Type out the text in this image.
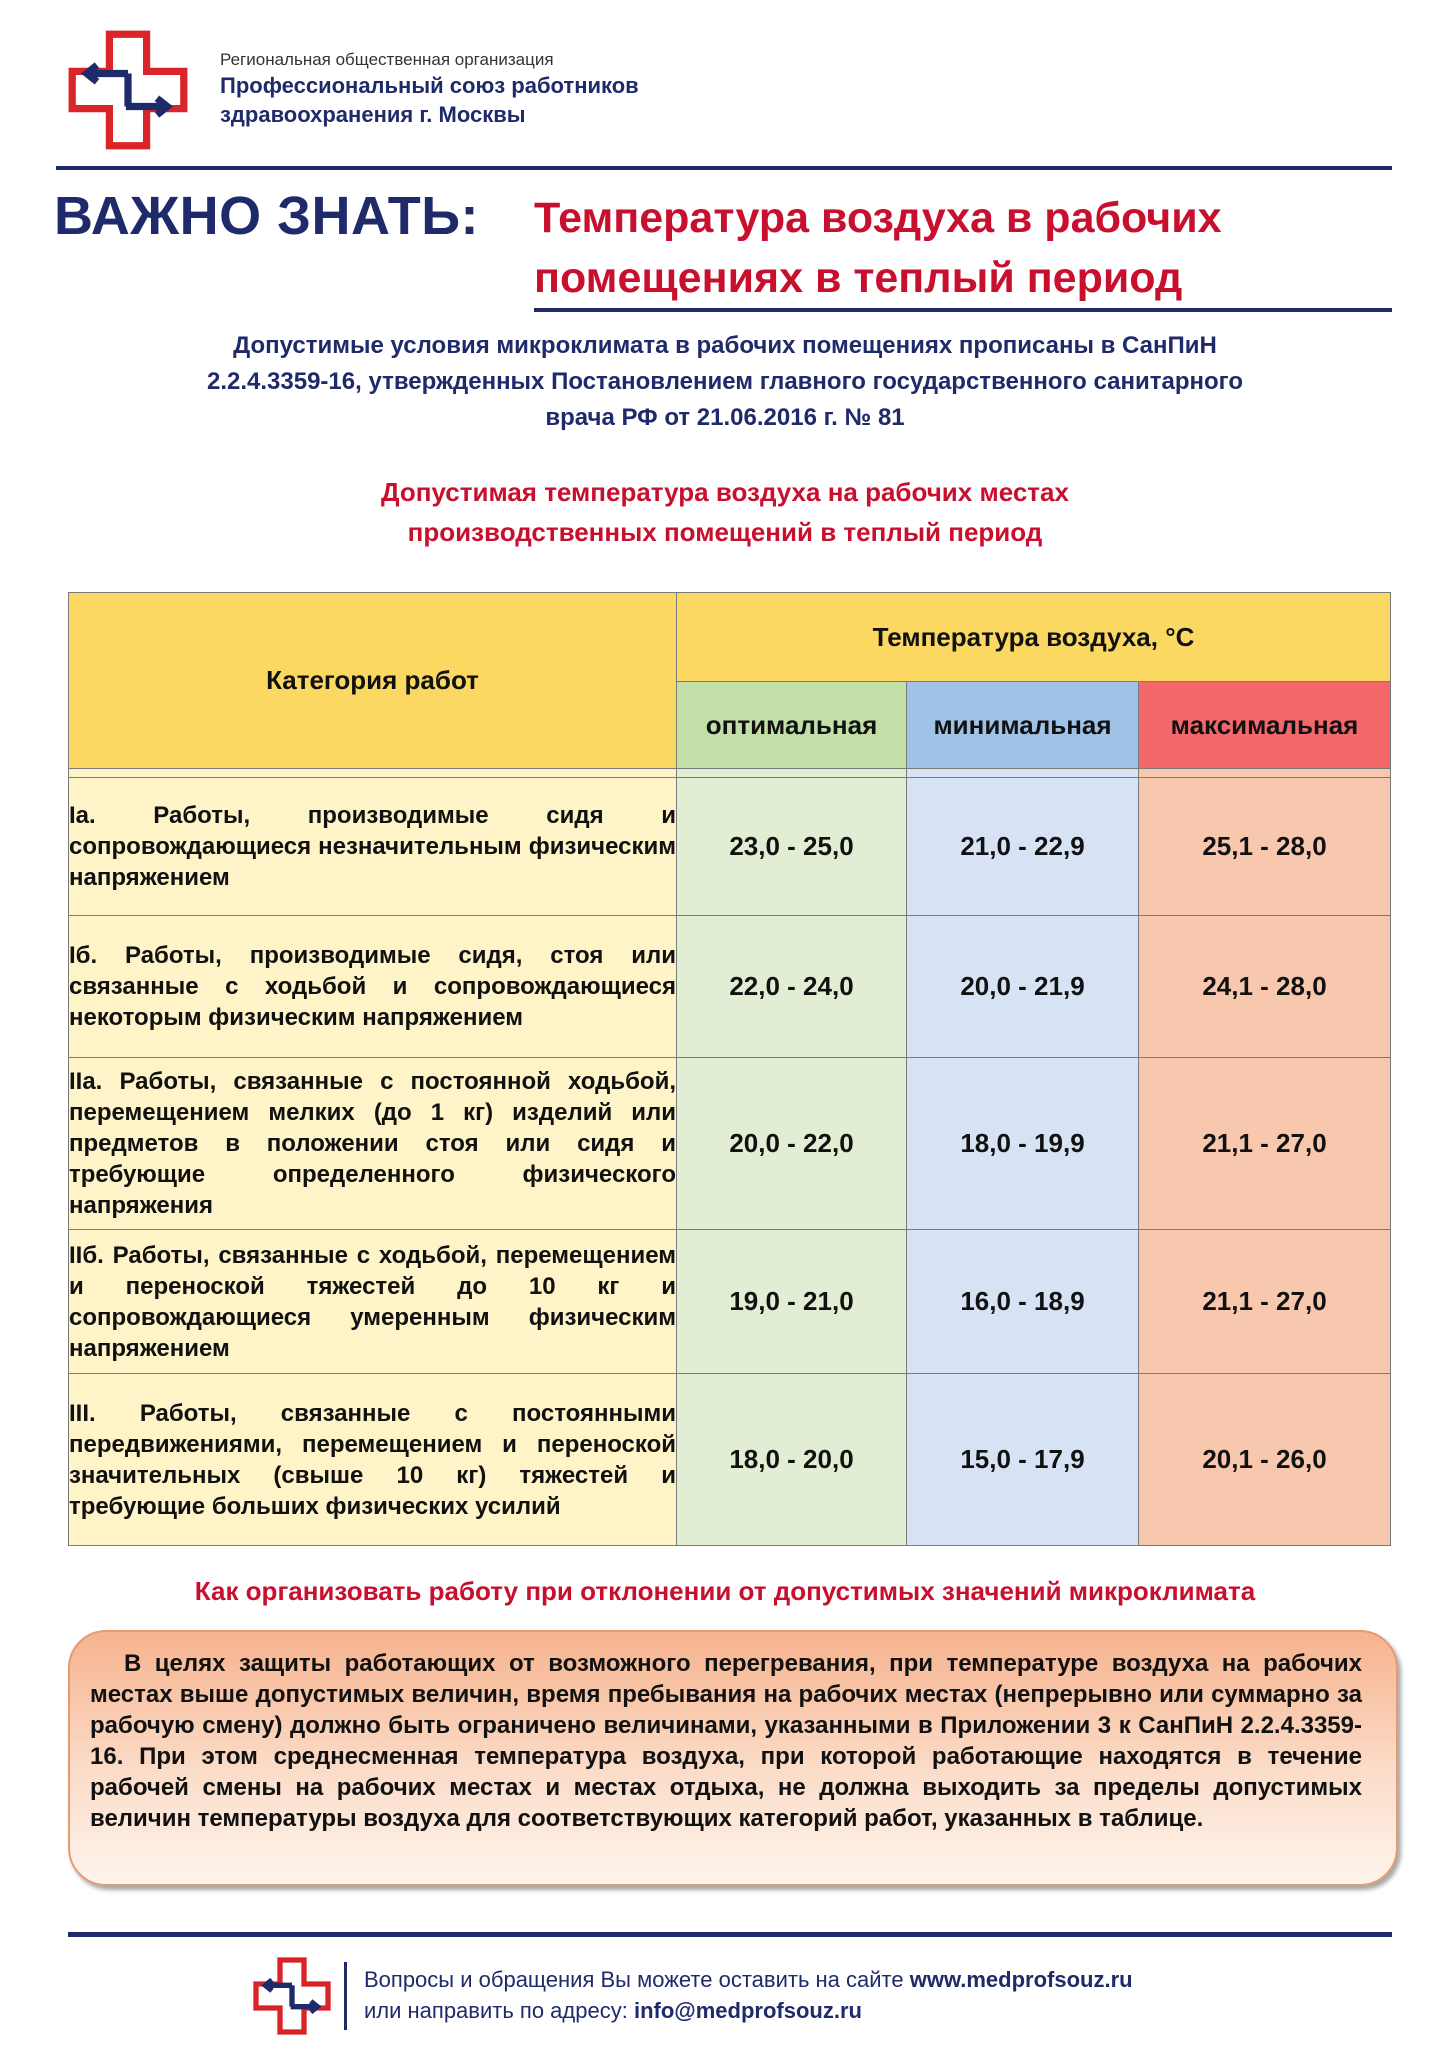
Региональная общественная организация
Профессиональный союз работников
здравоохранения г. Москвы
ВАЖНО ЗНАТЬ: Температура воздуха в рабочих
помещениях в теплый период
Допустимые условия микроклимата в рабочих помещениях прописаны в СанПиН
2.2.4.3359-16, утвержденных Постановлением главного государственного санитарного
врача РФ от 21.06.2016 г. № 81
Допустимая температура воздуха на рабочих местах
производственных помещений в теплый период
Категория работ	Температура воздуха, °С		
	оптимальная	минимальная	максимальная

Iа. Работы, производимые сидя и сопровождающиеся незначительным физическим напряжением	23,0 - 25,0	21,0 - 22,9	25,1 - 28,0
Iб. Работы, производимые сидя, стоя или связанные с ходьбой и сопровождающиеся некоторым физическим напряжением	22,0 - 24,0	20,0 - 21,9	24,1 - 28,0
IIа. Работы, связанные с постоянной ходьбой, перемещением мелких (до 1 кг) изделий или предметов в положении стоя или сидя и требующие определенного физического напряжения	20,0 - 22,0	18,0 - 19,9	21,1 - 27,0
IIб. Работы, связанные с ходьбой, перемещением и переноской тяжестей до 10 кг и сопровождающиеся умеренным физическим напряжением	19,0 - 21,0	16,0 - 18,9	21,1 - 27,0
III. Работы, связанные с постоянными передвижениями, перемещением и переноской значительных (свыше 10 кг) тяжестей и требующие больших физических усилий	18,0 - 20,0	15,0 - 17,9	20,1 - 26,0
Как организовать работу при отклонении от допустимых значений микроклимата

В целях защиты работающих от возможного перегревания, при температуре воздуха на рабочих местах выше допустимых величин, время пребывания на рабочих местах (непрерывно или суммарно за рабочую смену) должно быть ограничено величинами, указанными в Приложении 3 к СанПиН 2.2.4.3359-16. При этом среднесменная температура воздуха, при которой работающие находятся в течение рабочей смены на рабочих местах и местах отдыха, не должна выходить за пределы допустимых величин температуры воздуха для соответствующих категорий работ, указанных в таблице.

Вопросы и обращения Вы можете оставить на сайте www.medprofsouz.ru
или направить по адресу: info@medprofsouz.ru
